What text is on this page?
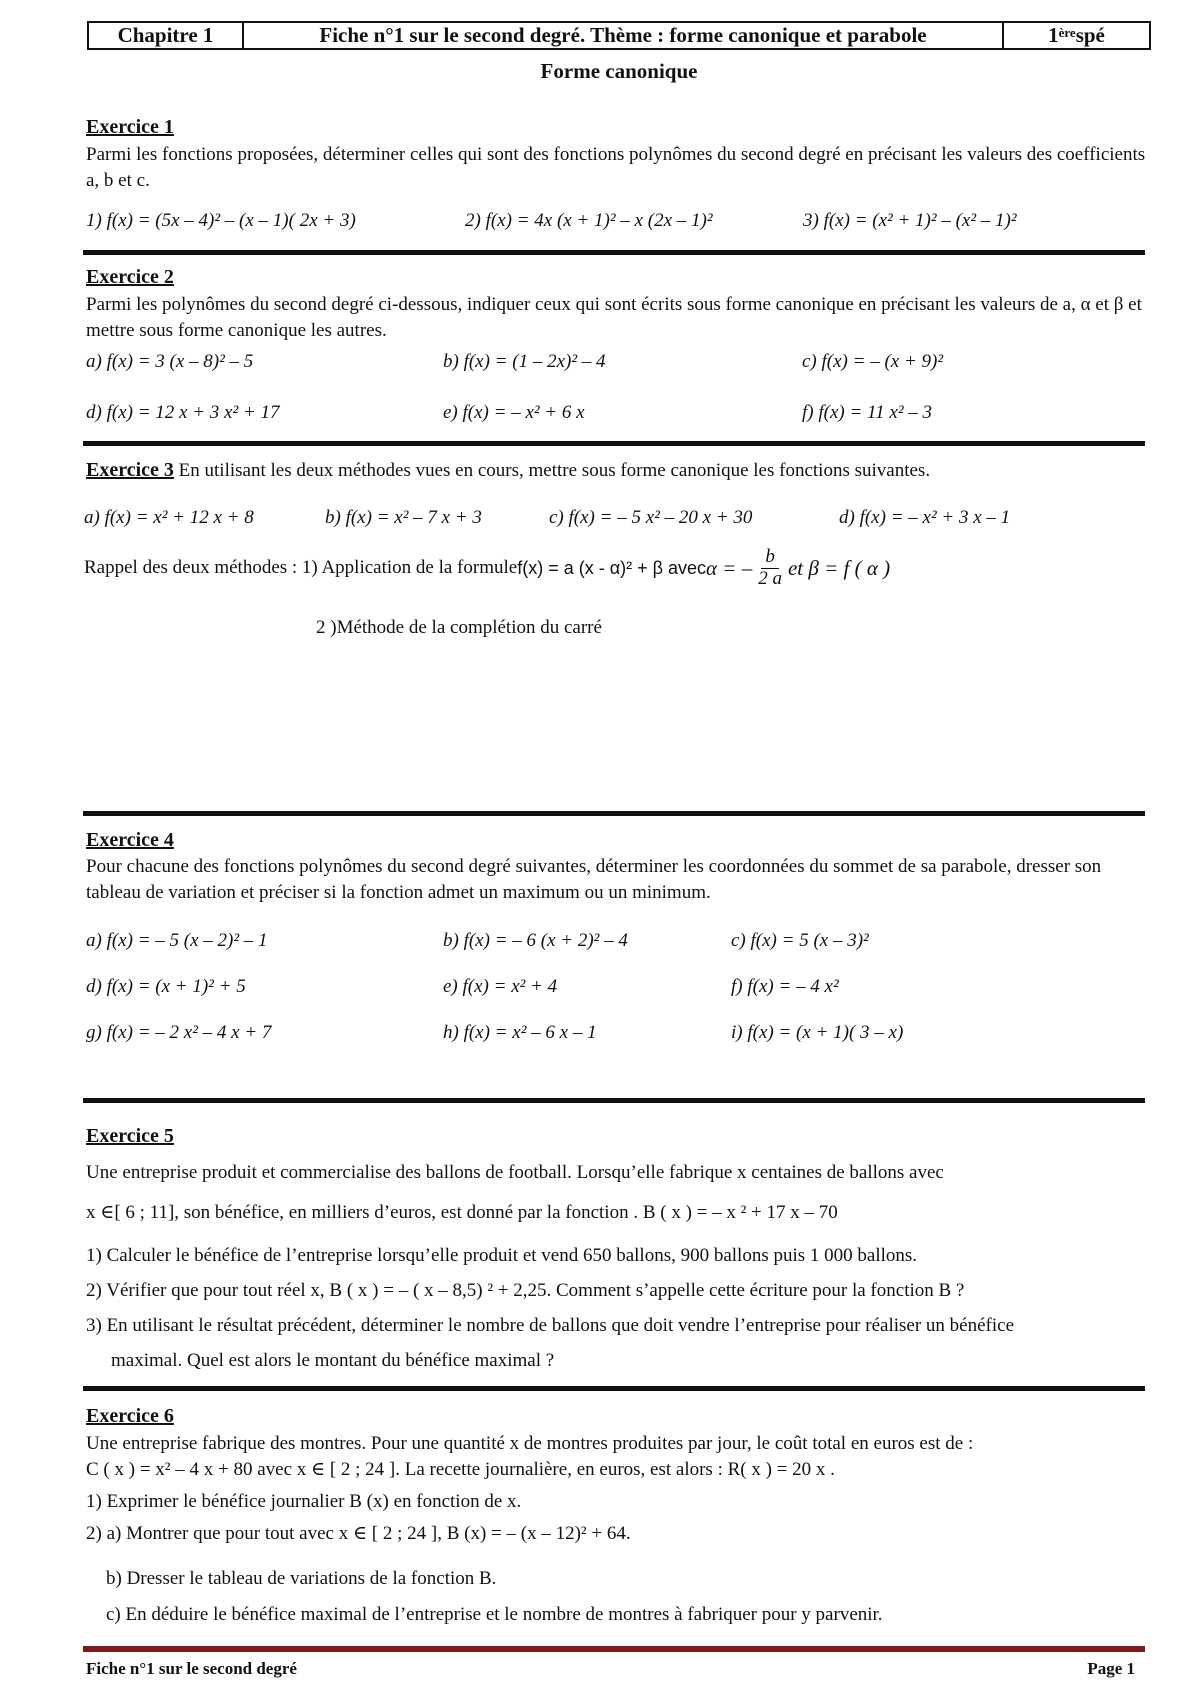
Chapitre 1	Fiche n°1 sur le second degré. Thème : forme canonique et parabole	1ère spé
Forme canonique
Exercice 1
Parmi les fonctions proposées, déterminer celles qui sont des fonctions polynômes du second degré en précisant les valeurs des coefficients a, b et c.
1) f(x) = (5x – 4)² – (x – 1)( 2x + 3)	2) f(x) = 4x (x + 1)² – x (2x – 1)²	3) f(x) = (x² + 1)² – (x² – 1)²
Exercice 2
Parmi les polynômes du second degré ci-dessous, indiquer ceux qui sont écrits sous forme canonique en précisant les valeurs de a, α et β et mettre sous forme canonique les autres.
a) f(x) = 3 (x – 8)² – 5	b) f(x) = (1 – 2x)² – 4	c) f(x) = – (x + 9)²
d) f(x) = 12 x + 3 x² + 17	e) f(x) = – x² + 6 x	f) f(x) = 11 x² – 3
Exercice 3 En utilisant les deux méthodes vues en cours, mettre sous forme canonique les fonctions suivantes.
a) f(x) = x² + 12 x + 8	b) f(x) = x² – 7 x + 3	c) f(x) = – 5 x² – 20 x + 30	d) f(x) = – x² + 3 x – 1
Rappel des deux méthodes : 1) Application de la formule f(x) = a (x - α)² + β avec α = – $\frac{b}{2 a}$ et β = f ( α )
2 )Méthode de la complétion du carré
Exercice 4
Pour chacune des fonctions polynômes du second degré suivantes, déterminer les coordonnées du sommet de sa parabole, dresser son tableau de variation et préciser si la fonction admet un maximum ou un minimum.
a) f(x) = – 5 (x – 2)² – 1	b) f(x) = – 6 (x + 2)² – 4	c) f(x) = 5 (x – 3)²
d) f(x) = (x + 1)² + 5	e) f(x) = x² + 4	f) f(x) = – 4 x²
g) f(x) = – 2 x² – 4 x + 7	h) f(x) = x² – 6 x – 1	i) f(x) = (x + 1)( 3 – x)
Exercice 5
Une entreprise produit et commercialise des ballons de football. Lorsqu’elle fabrique x centaines de ballons avec
x ∈[ 6 ; 11], son bénéfice, en milliers d’euros, est donné par la fonction . B ( x ) = – x ² + 17 x – 70
1) Calculer le bénéfice de l’entreprise lorsqu’elle produit et vend 650 ballons, 900 ballons puis 1 000 ballons.
2) Vérifier que pour tout réel x, B ( x ) = – ( x – 8,5) ² + 2,25. Comment s’appelle cette écriture pour la fonction B ?
3) En utilisant le résultat précédent, déterminer le nombre de ballons que doit vendre l’entreprise pour réaliser un bénéfice
maximal. Quel est alors le montant du bénéfice maximal ?
Exercice 6
Une entreprise fabrique des montres. Pour une quantité x de montres produites par jour, le coût total en euros est de :
C ( x ) = x² – 4 x + 80 avec x ∈ [ 2 ; 24 ]. La recette journalière, en euros, est alors : R( x ) = 20 x .
1) Exprimer le bénéfice journalier B (x) en fonction de x.
2) a) Montrer que pour tout avec x ∈ [ 2 ; 24 ], B (x) = – (x – 12)² + 64.
b) Dresser le tableau de variations de la fonction B.
c) En déduire le bénéfice maximal de l’entreprise et le nombre de montres à fabriquer pour y parvenir.
Fiche n°1 sur le second degré	Page 1
